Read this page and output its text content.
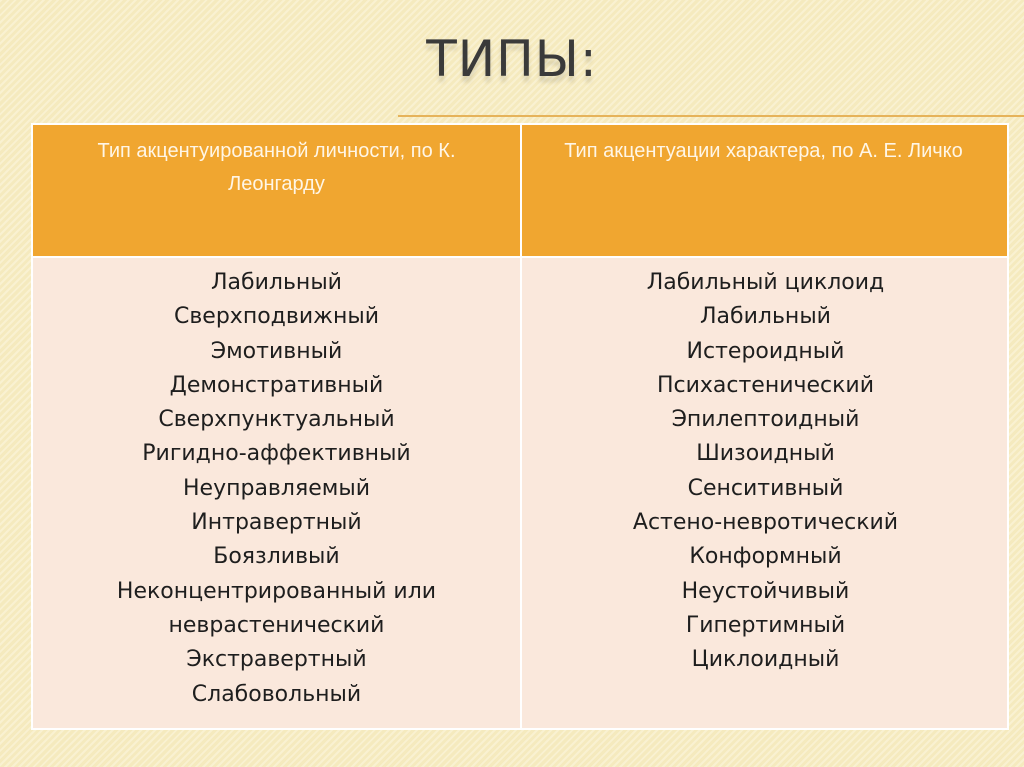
ТИПЫ:
Тип акцентуированной личности, по К. Леонгарду
Тип акцентуации характера, по А. Е. Личко
Лабильный
Сверхподвижный
Эмотивный
Демонстративный
Сверхпунктуальный
Ригидно-аффективный
Неуправляемый
Интравертный
Боязливый
Неконцентрированный или
неврастенический
Экстравертный
Слабовольный
Лабильный циклоид
Лабильный
Истероидный
Психастенический
Эпилептоидный
Шизоидный
Сенситивный
Астено-невротический
Конформный
Неустойчивый
Гипертимный
Циклоидный
